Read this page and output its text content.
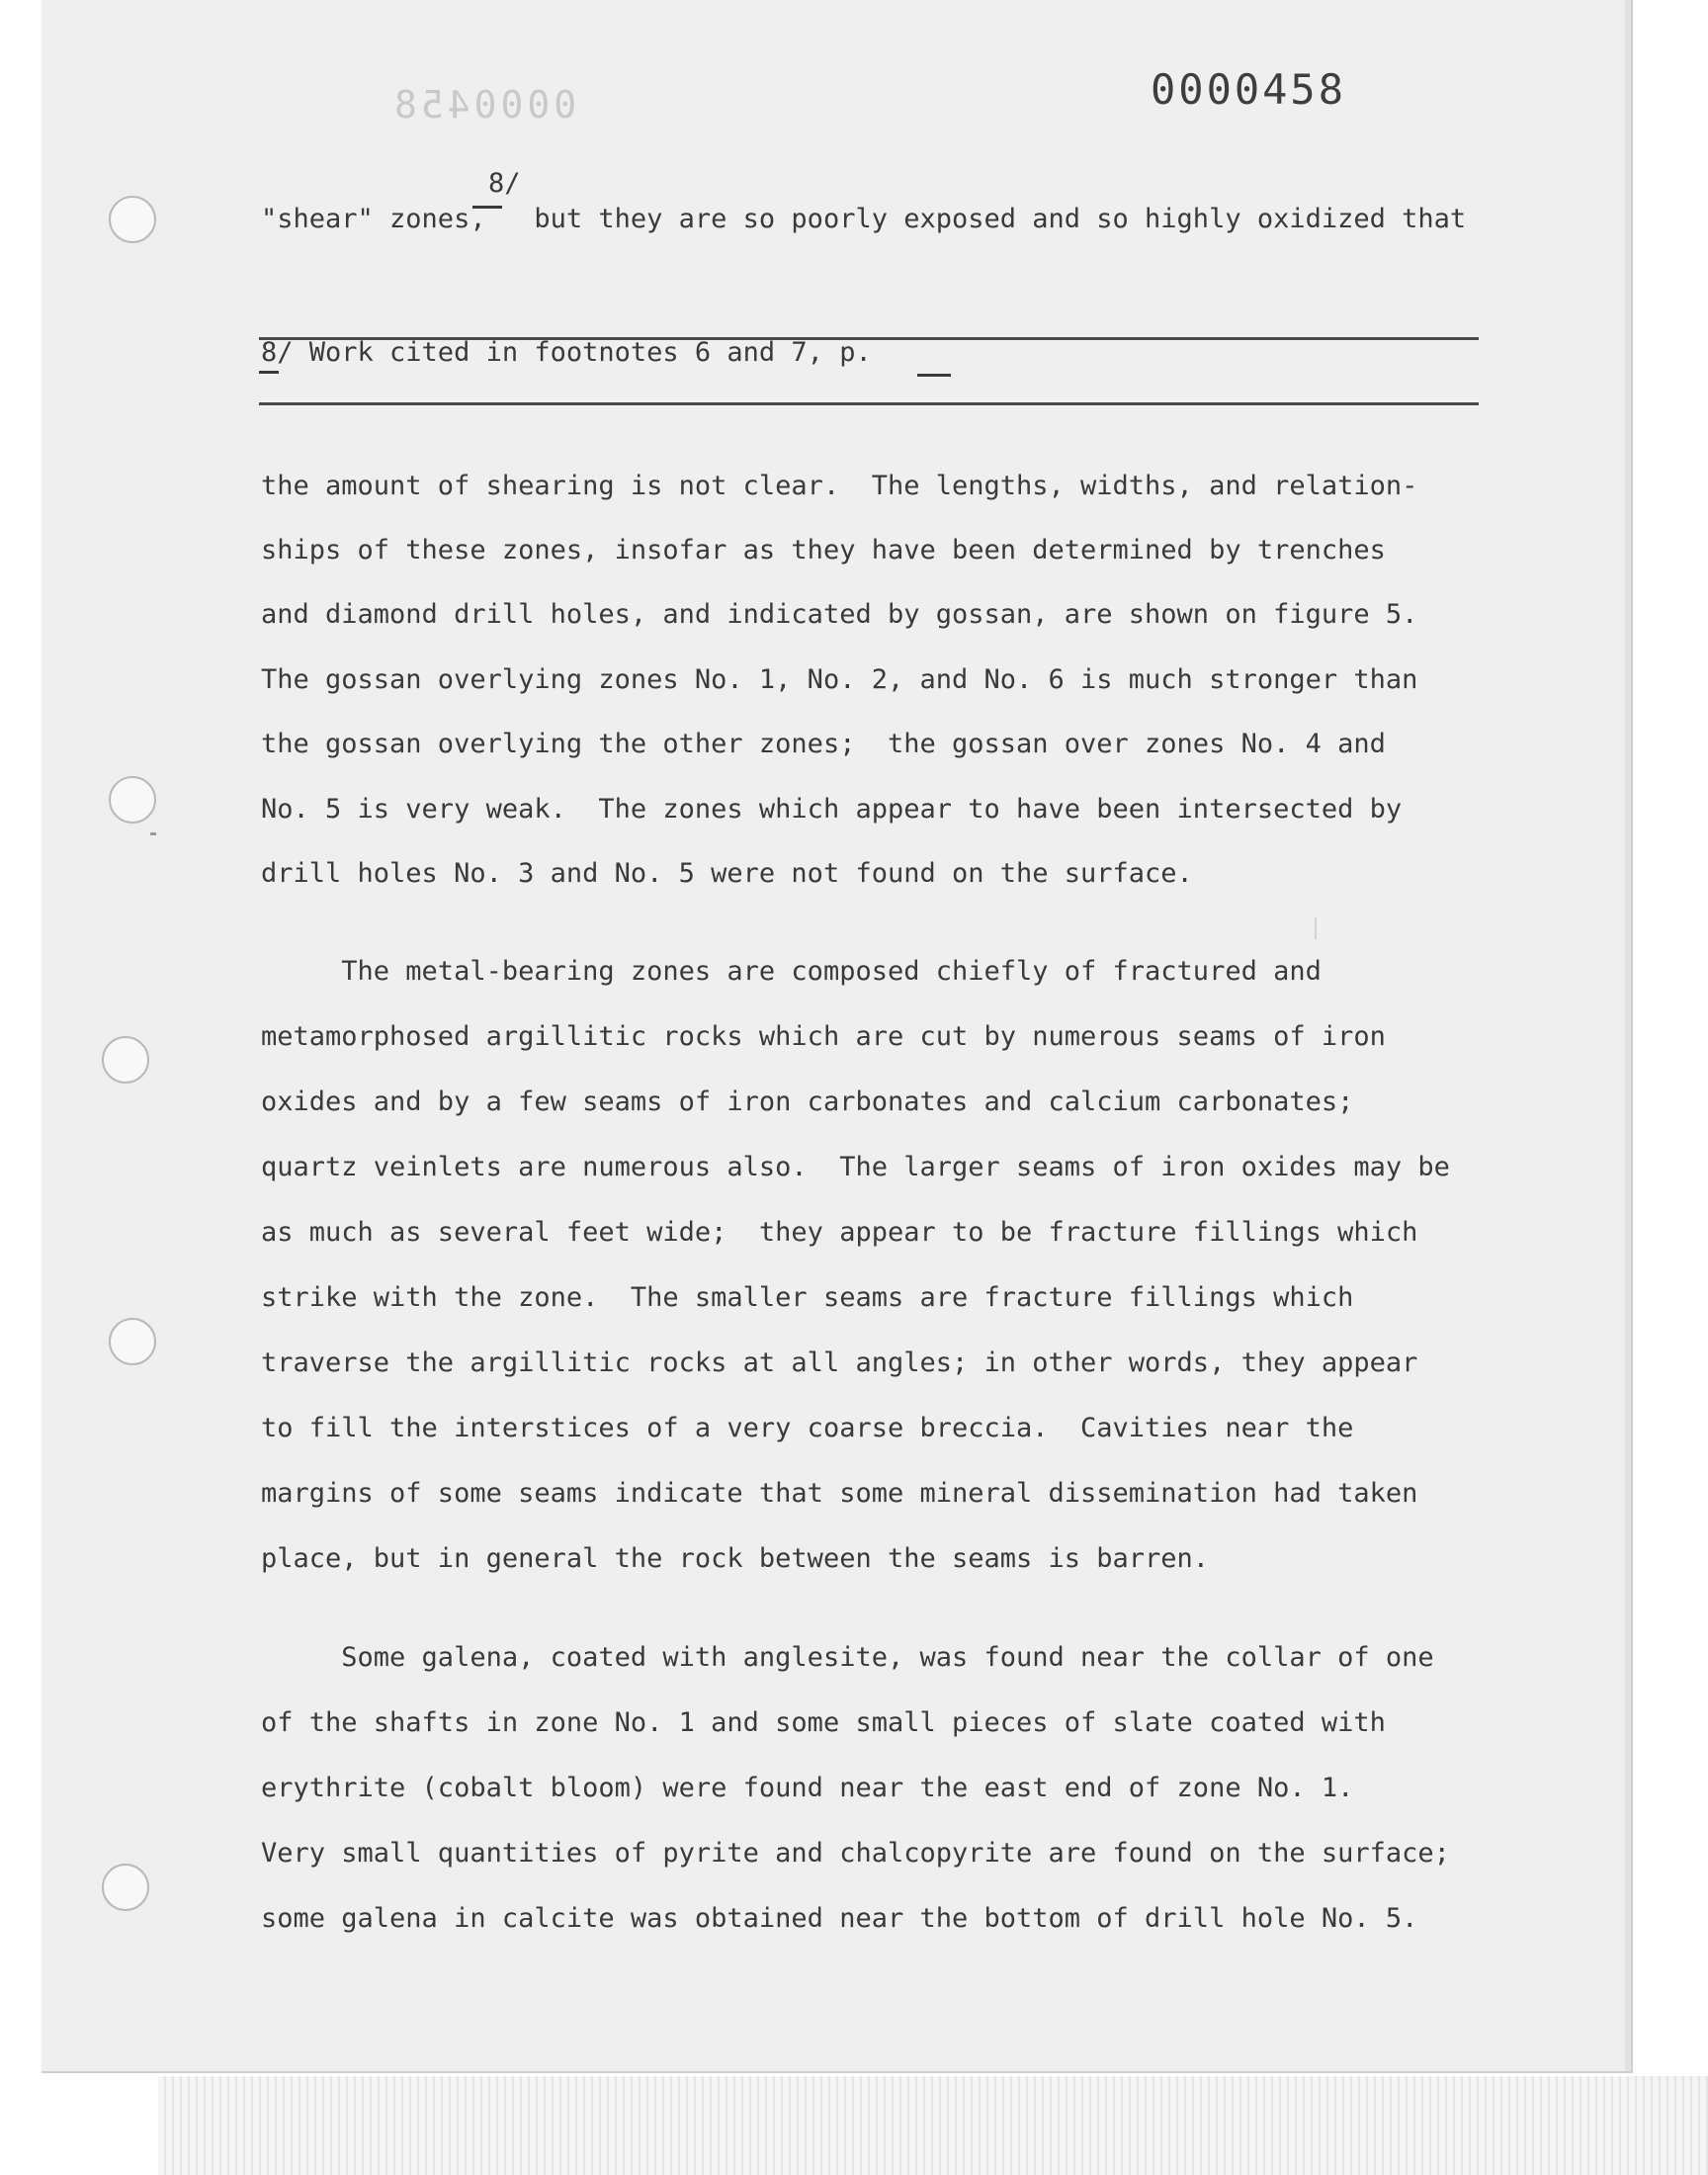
0000458	0000458
8/
"shear" zones,   but they are so poorly exposed and so highly oxidized that
8/ Work cited in footnotes 6 and 7, p.
the amount of shearing is not clear.  The lengths, widths, and relation-
ships of these zones, insofar as they have been determined by trenches
and diamond drill holes, and indicated by gossan, are shown on figure 5.
The gossan overlying zones No. 1, No. 2, and No. 6 is much stronger than
the gossan overlying the other zones;  the gossan over zones No. 4 and
No. 5 is very weak.  The zones which appear to have been intersected by
drill holes No. 3 and No. 5 were not found on the surface.
The metal-bearing zones are composed chiefly of fractured and
metamorphosed argillitic rocks which are cut by numerous seams of iron
oxides and by a few seams of iron carbonates and calcium carbonates;
quartz veinlets are numerous also.  The larger seams of iron oxides may be
as much as several feet wide;  they appear to be fracture fillings which
strike with the zone.  The smaller seams are fracture fillings which
traverse the argillitic rocks at all angles; in other words, they appear
to fill the interstices of a very coarse breccia.  Cavities near the
margins of some seams indicate that some mineral dissemination had taken
place, but in general the rock between the seams is barren.
Some galena, coated with anglesite, was found near the collar of one
of the shafts in zone No. 1 and some small pieces of slate coated with
erythrite (cobalt bloom) were found near the east end of zone No. 1.
Very small quantities of pyrite and chalcopyrite are found on the surface;
some galena in calcite was obtained near the bottom of drill hole No. 5.
